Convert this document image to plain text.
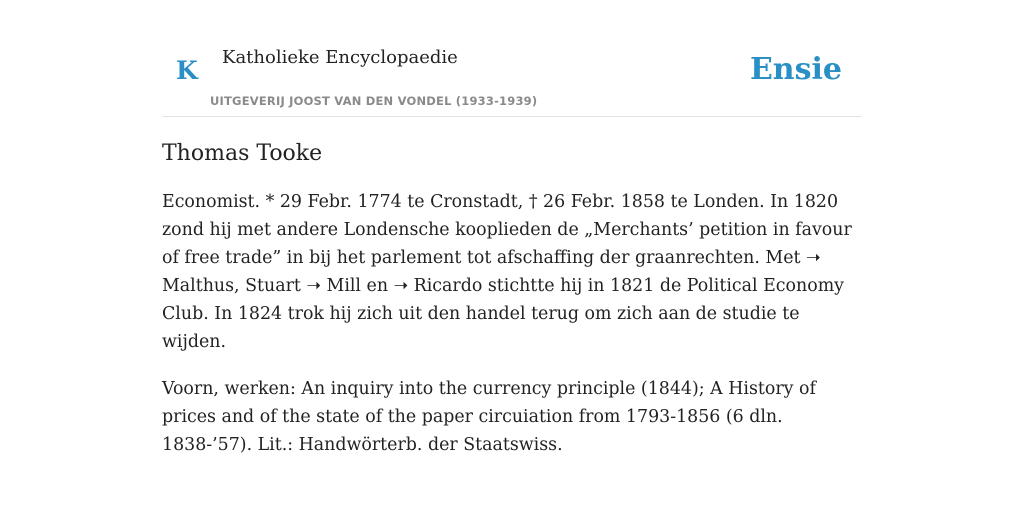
K Katholieke Encyclopaedie
UITGEVERIJ JOOST VAN DEN VONDEL (1933-1939)
Ensie
Thomas Tooke

Economist. * 29 Febr. 1774 te Cronstadt, † 26 Febr. 1858 te Londen. In 1820 zond hij met andere Londensche kooplieden de „Merchants’ petition in favour of free trade” in bij het parlement tot afschaffing der graanrechten. Met ➝ Malthus, Stuart ➝ Mill en ➝ Ricardo stichtte hij in 1821 de Political Economy Club. In 1824 trok hij zich uit den handel terug om zich aan de studie te wijden.

Voorn, werken: An inquiry into the currency principle (1844); A History of prices and of the state of the paper circuiation from 1793-1856 (6 dln. 1838-’57). Lit.: Handwörterb. der Staatswiss.
